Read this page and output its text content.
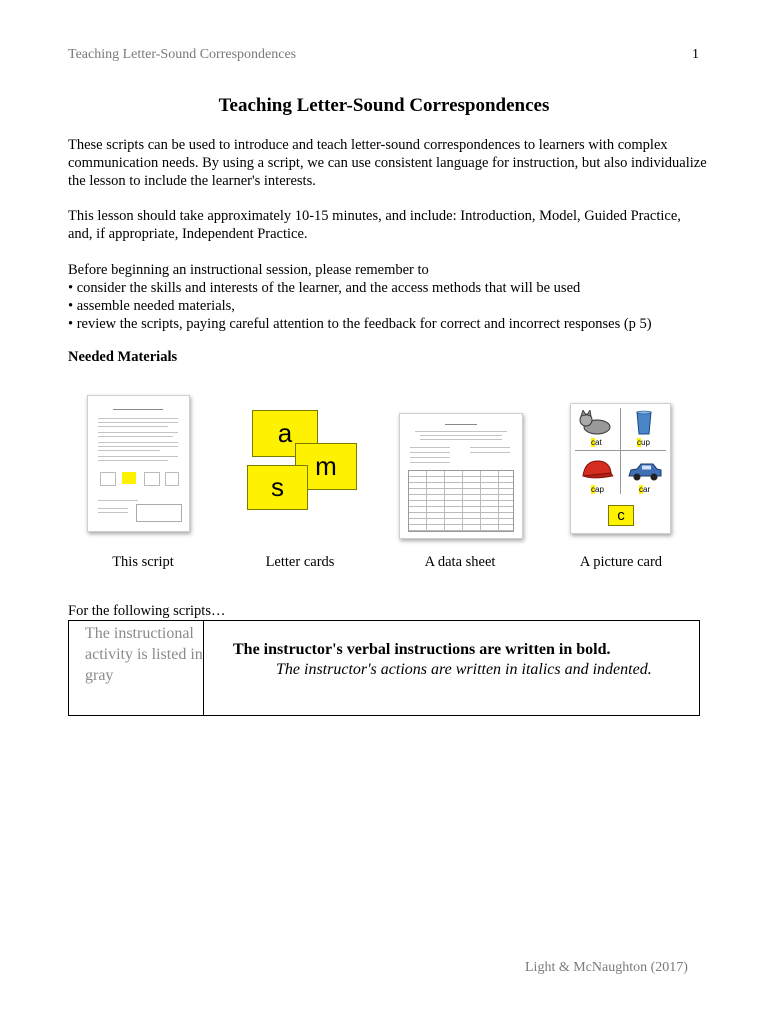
Teaching Letter-Sound Correspondences	1
Teaching Letter-Sound Correspondences
These scripts can be used to introduce and teach letter-sound correspondences to learners with complex communication needs. By using a script, we can use consistent language for instruction, but also individualize the lesson to include the learner's interests.
This lesson should take approximately 10-15 minutes, and include: Introduction, Model, Guided Practice, and, if appropriate, Independent Practice.
Before beginning an instructional session, please remember to
• consider the skills and interests of the learner, and the access methods that will be used
• assemble needed materials,
• review the scripts, paying careful attention to the feedback for correct and incorrect responses (p 5)
Needed Materials
This script
a
m
s
Letter cards	A data sheet
cat	cup
cap	car
c
A picture card
For the following scripts…
The instructional activity is listed in gray
The instructor's verbal instructions are written in bold.
The instructor's actions are written in italics and indented.
Light & McNaughton (2017)
